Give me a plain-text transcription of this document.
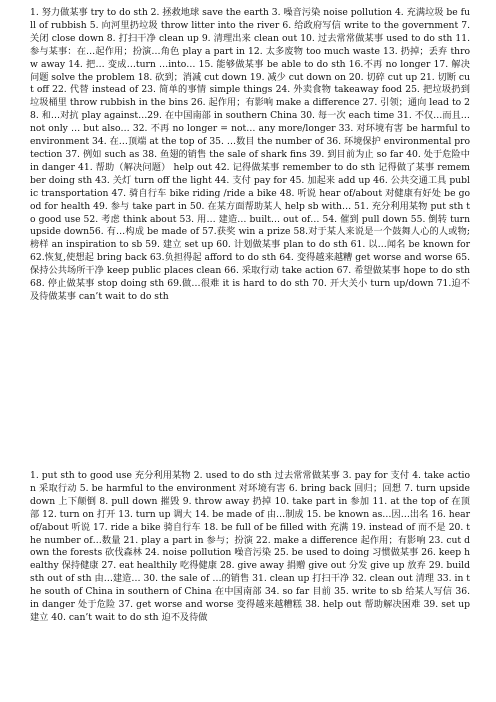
1. 努力做某事 try to do sth 2. 拯救地球 save the earth 3. 噪音污染 noise pollution 4. 充满垃圾 be full of rubbish 5. 向河里扔垃圾 throw litter into the river 6. 给政府写信 write to the government 7. 关闭 close down 8. 打扫干净 clean up 9. 清理出来 clean out 10. 过去常常做某事 used to do sth 11. 参与某事：在…起作用；扮演…角色 play a part in 12. 太多废物 too much waste 13. 扔掉；丢弃 throw away 14. 把… 变成…turn …into… 15. 能够做某事 be able to do sth 16.不再 no longer 17. 解决问题 solve the problem 18. 砍到；消减 cut down 19. 减少 cut down on 20. 切碎 cut up 21. 切断 cut off 22. 代替 instead of 23. 简单的事情 simple things 24. 外卖食物 takeaway food 25. 把垃圾扔到垃圾桶里 throw rubbish in the bins 26. 起作用；有影响 make a difference 27. 引领；通向 lead to 28. 和…对抗 play against…29. 在中国南部 in southern China 30. 每一次 each time 31. 不仅…而且…not only … but also… 32. 不再 no longer = not… any more/longer 33. 对环境有害 be harmful to environment 34. 在…顶端 at the top of 35. …数目 the number of 36. 环境保护 environmental protection 37. 例如 such as 38. 鱼翅的销售 the sale of shark fins 39. 到目前为止 so far 40. 处于危险中 in danger 41. 帮助（解决问题） help out 42. 记得做某事 remember to do sth 记得做了某事 remember doing sth 43. 关灯 turn off the light 44. 支付 pay for 45. 加起来 add up 46. 公共交通工具 public transportation 47. 骑自行车 bike riding /ride a bike 48. 听说 hear of/about 对健康有好处 be good for health 49. 参与 take part in 50. 在某方面帮助某人 help sb with… 51. 充分利用某物 put sth to good use 52. 考虑 think about 53. 用… 建造… built… out of… 54. 催到 pull down 55. 倒转 turn upside down56. 有…构成 be made of 57.获奖 win a prize 58.对于某人来说是一个鼓舞人心的人或物;榜样 an inspiration to sb 59. 建立 set up 60. 计划做某事 plan to do sth 61. 以…闻名 be known for 62.恢复,使想起 bring back 63.负担得起 afford to do sth 64. 变得越来越糟 get worse and worse 65. 保持公共场所干净 keep public places clean 66. 采取行动 take action 67. 希望做某事 hope to do sth 68. 停止做某事 stop doing sth 69.做…很难 it is hard to do sth 70. 开大关小 turn up/down 71.迫不及待做某事 can’t wait to do sth

1. put sth to good use 充分利用某物 2. used to do sth 过去常常做某事 3. pay for 支付 4. take action 采取行动 5. be harmful to the environment 对环境有害 6. bring back 回归；回想 7. turn upside down 上下颠倒 8. pull down 摧毁 9. throw away 扔掉 10. take part in 参加 11. at the top of 在顶部 12. turn on 打开 13. turn up 调大 14. be made of 由…制成 15. be known as…因…出名 16. hear of/about 听说 17. ride a bike 骑自行车 18. be full of be filled with 充满 19. instead of 而不是 20. the number of…数量 21. play a part in 参与；扮演 22. make a difference 起作用；有影响 23. cut down the forests 砍伐森林 24. noise pollution 噪音污染 25. be used to doing 习惯做某事 26. keep healthy 保持健康 27. eat healthily 吃得健康 28. give away 捐赠 give out 分发 give up 放弃 29. build sth out of sth 由…建造… 30. the sale of …的销售 31. clean up 打扫干净 32. clean out 清理 33. in the south of China in southern of China 在中国南部 34. so far 目前 35. write to sb 给某人写信 36. in danger 处于危险 37. get worse and worse 变得越来越糟糕 38. help out 帮助解决困难 39. set up 建立 40. can’t wait to do sth 迫不及待做
